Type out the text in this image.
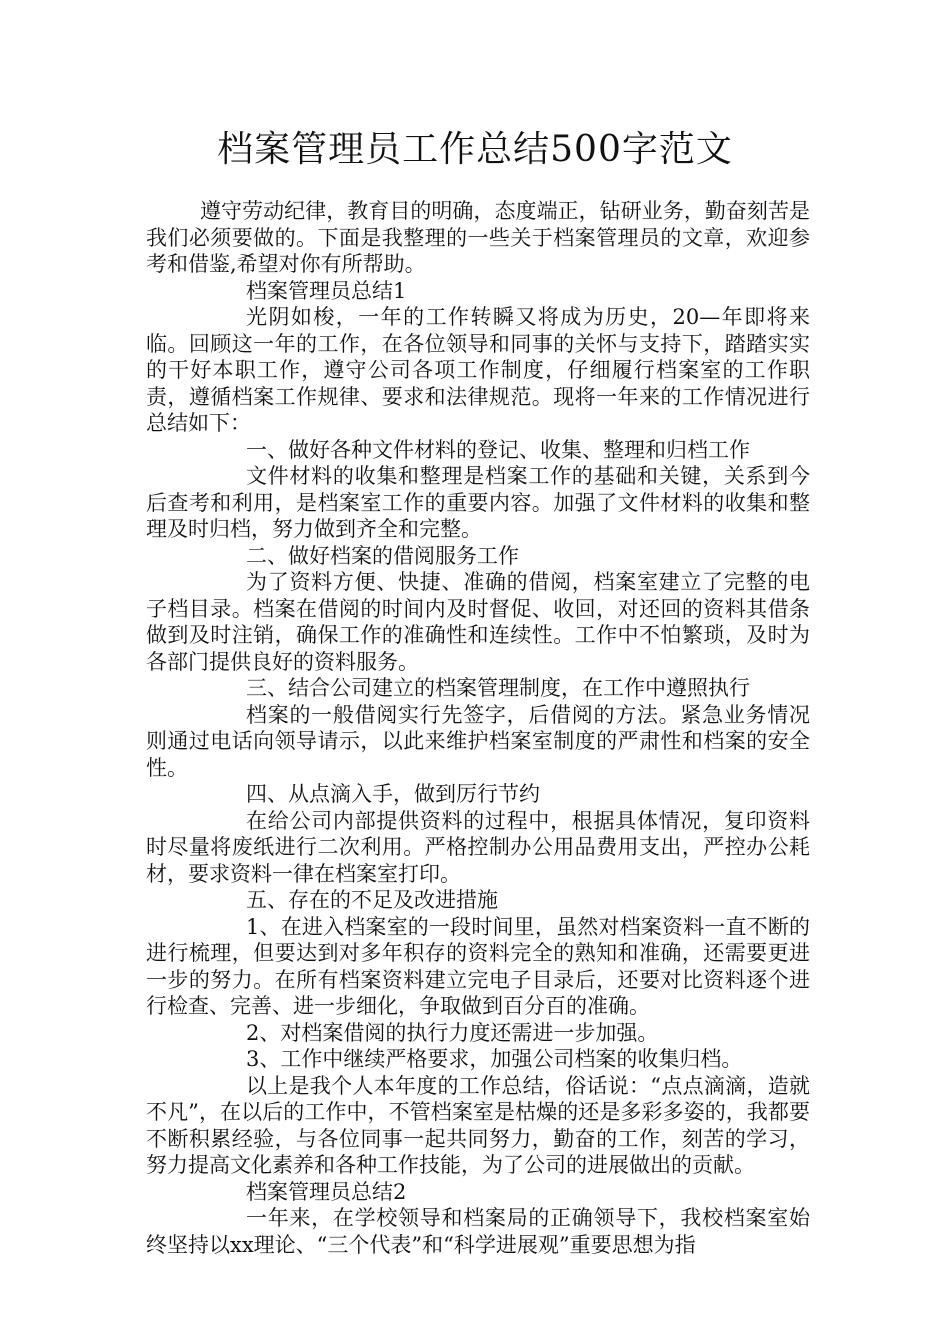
档案管理员工作总结500字范文

遵守劳动纪律，教育目的明确，态度端正，钻研业务，勤奋刻苦是我们必须要做的。下面是我整理的一些关于档案管理员的文章，欢迎参考和借鉴,希望对你有所帮助。

档案管理员总结1

光阴如梭，一年的工作转瞬又将成为历史，20—年即将来临。回顾这一年的工作，在各位领导和同事的关怀与支持下，踏踏实实的干好本职工作，遵守公司各项工作制度，仔细履行档案室的工作职责，遵循档案工作规律、要求和法律规范。现将一年来的工作情况进行总结如下：

一、做好各种文件材料的登记、收集、整理和归档工作

文件材料的收集和整理是档案工作的基础和关键，关系到今后查考和利用，是档案室工作的重要内容。加强了文件材料的收集和整理及时归档，努力做到齐全和完整。

二、做好档案的借阅服务工作

为了资料方便、快捷、准确的借阅，档案室建立了完整的电子档目录。档案在借阅的时间内及时督促、收回，对还回的资料其借条做到及时注销，确保工作的准确性和连续性。工作中不怕繁琐，及时为各部门提供良好的资料服务。

三、结合公司建立的档案管理制度，在工作中遵照执行

档案的一般借阅实行先签字，后借阅的方法。紧急业务情况则通过电话向领导请示，以此来维护档案室制度的严肃性和档案的安全性。

四、从点滴入手，做到厉行节约

在给公司内部提供资料的过程中，根据具体情况，复印资料时尽量将废纸进行二次利用。严格控制办公用品费用支出，严控办公耗材，要求资料一律在档案室打印。

五、存在的不足及改进措施

1、在进入档案室的一段时间里，虽然对档案资料一直不断的进行梳理，但要达到对多年积存的资料完全的熟知和准确，还需要更进一步的努力。在所有档案资料建立完电子目录后，还要对比资料逐个进行检查、完善、进一步细化，争取做到百分百的准确。

2、对档案借阅的执行力度还需进一步加强。

3、工作中继续严格要求，加强公司档案的收集归档。

以上是我个人本年度的工作总结，俗话说：“点点滴滴，造就不凡”，在以后的工作中，不管档案室是枯燥的还是多彩多姿的，我都要不断积累经验，与各位同事一起共同努力，勤奋的工作，刻苦的学习，努力提高文化素养和各种工作技能，为了公司的进展做出的贡献。

档案管理员总结2

一年来，在学校领导和档案局的正确领导下，我校档案室始终坚持以xx理论、“三个代表”和“科学进展观”重要思想为指
